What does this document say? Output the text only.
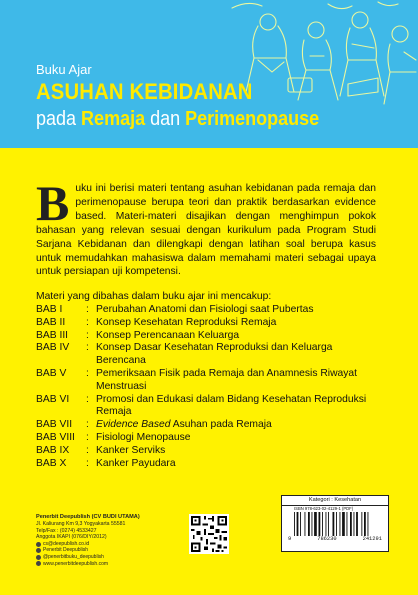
Buku Ajar
ASUHAN KEBIDANAN
pada Remaja dan Perimenopause
B uku ini berisi materi tentang asuhan kebidanan pada remaja dan perimenopause berupa teori dan praktik berdasarkan evidence based. Materi-materi disajikan dengan menghimpun pokok bahasan yang relevan sesuai dengan kurikulum pada Program Studi Sarjana Kebidanan dan dilengkapi dengan latihan soal berupa kasus untuk memudahkan mahasiswa dalam memahami materi sebagai upaya untuk persiapan uji kompetensi.
Materi yang dibahas dalam buku ajar ini mencakup:
BAB I	: Perubahan Anatomi dan Fisiologi saat Pubertas
BAB II	: Konsep Kesehatan Reproduksi Remaja
BAB III	: Konsep Perencanaan Keluarga
BAB IV	: Konsep Dasar Kesehatan Reproduksi dan Keluarga Berencana
BAB V	: Pemeriksaan Fisik pada Remaja dan Anamnesis Riwayat Menstruasi
BAB VI	: Promosi dan Edukasi dalam Bidang Kesehatan Reproduksi Remaja
BAB VII	: Evidence Based Asuhan pada Remaja
BAB VIII	: Fisiologi Menopause
BAB IX	: Kanker Serviks
BAB X	: Kanker Payudara
Penerbit Deepublish (CV BUDI UTAMA)
Jl. Kaliurang Km 9,3 Yogyakarta 55581
Telp/Fax : (0274) 4533427
Anggota IKAPI (076/DIY/2012)
cs@deepublish.co.id
Penerbit Deepublish
@penerbitbuku_deepublish
www.penerbitdeepublish.com
Kategori : Kesehatan
ISBN 978-623-02-4129-1 (PDF)
9	786230	241291
